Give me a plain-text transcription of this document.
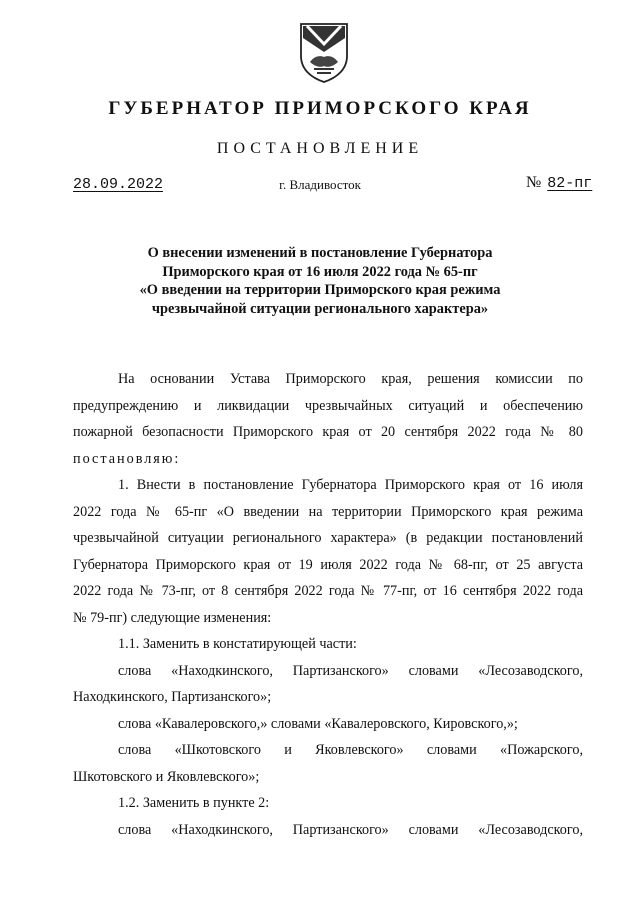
ГУБЕРНАТОР ПРИМОРСКОГО КРАЯ
ПОСТАНОВЛЕНИЕ
28.09.2022	г. Владивосток	№ 82-пг
О внесении изменений в постановление Губернатора
Приморского края от 16 июля 2022 года № 65-пг
«О введении на территории Приморского края режима
чрезвычайной ситуации регионального характера»
На основании Устава Приморского края, решения комиссии по
предупреждению и ликвидации чрезвычайных ситуаций и обеспечению
пожарной безопасности Приморского края от 20 сентября 2022 года № 80
постановляю:
1. Внести в постановление Губернатора Приморского края от 16 июля
2022 года № 65-пг «О введении на территории Приморского края режима
чрезвычайной ситуации регионального характера» (в редакции постановлений
Губернатора Приморского края от 19 июля 2022 года № 68-пг, от 25 августа
2022 года № 73-пг, от 8 сентября 2022 года № 77-пг, от 16 сентября 2022 года
№ 79-пг) следующие изменения:
1.1. Заменить в констатирующей части:
слова «Находкинского, Партизанского» словами «Лесозаводского,
Находкинского, Партизанского»;
слова «Кавалеровского,» словами «Кавалеровского, Кировского,»;
слова «Шкотовского и Яковлевского» словами «Пожарского,
Шкотовского и Яковлевского»;
1.2. Заменить в пункте 2:
слова «Находкинского, Партизанского» словами «Лесозаводского,
